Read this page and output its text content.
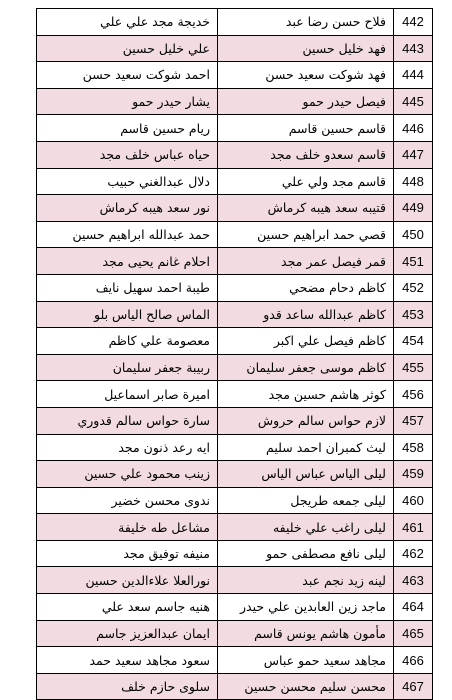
خديجة مجد علي علي	فلاح حسن رضا عبد	442
علي خليل حسين	فهد خليل حسين	443
احمد شوكت سعيد حسن	فهد شوكت سعيد حسن	444
يشار حيدر حمو	فيصل حيدر حمو	445
ريام حسين قاسم	قاسم حسين قاسم	446
حياه عباس خلف مجد	قاسم سعدو خلف مجد	447
دلال عبدالغني حبيب	قاسم مجد ولي علي	448
نور سعد هيبه كرماش	قتيبه سعد هيبه كرماش	449
حمد عبدالله ابراهيم حسين	قصي حمد ابراهيم حسين	450
احلام غانم يحيى مجد	قمر فيصل عمر مجد	451
طيبة احمد سهيل نايف	كاظم دحام مضحي	452
الماس صالح الياس بلو	كاظم عبدالله ساعد قدو	453
معصومة علي كاظم	كاظم فيصل علي اكبر	454
ربيبة جعفر سليمان	كاظم موسى جعفر سليمان	455
اميرة صابر اسماعيل	كوثر هاشم حسين مجد	456
سارة حواس سالم قدوري	لازم حواس سالم حروش	457
ايه رعد ذنون مجد	ليث كمبران احمد سليم	458
زينب محمود علي حسين	ليلى الياس عباس الياس	459
ندوى محسن خضير	ليلى جمعه طريجل	460
مشاعل طه خليفة	ليلى راغب علي خليفه	461
منيفه توفيق مجد	ليلى نافع مصطفى حمو	462
نورالعلا علاءالدين حسين	لينه زيد نجم عبد	463
هنيه جاسم سعد علي	ماجد زين العابدين علي حيدر	464
ايمان عبدالعزيز جاسم	مأمون هاشم يونس قاسم	465
سعود مجاهد سعيد حمد	مجاهد سعيد حمو عباس	466
سلوى حازم خلف	محسن سليم محسن حسين	467
